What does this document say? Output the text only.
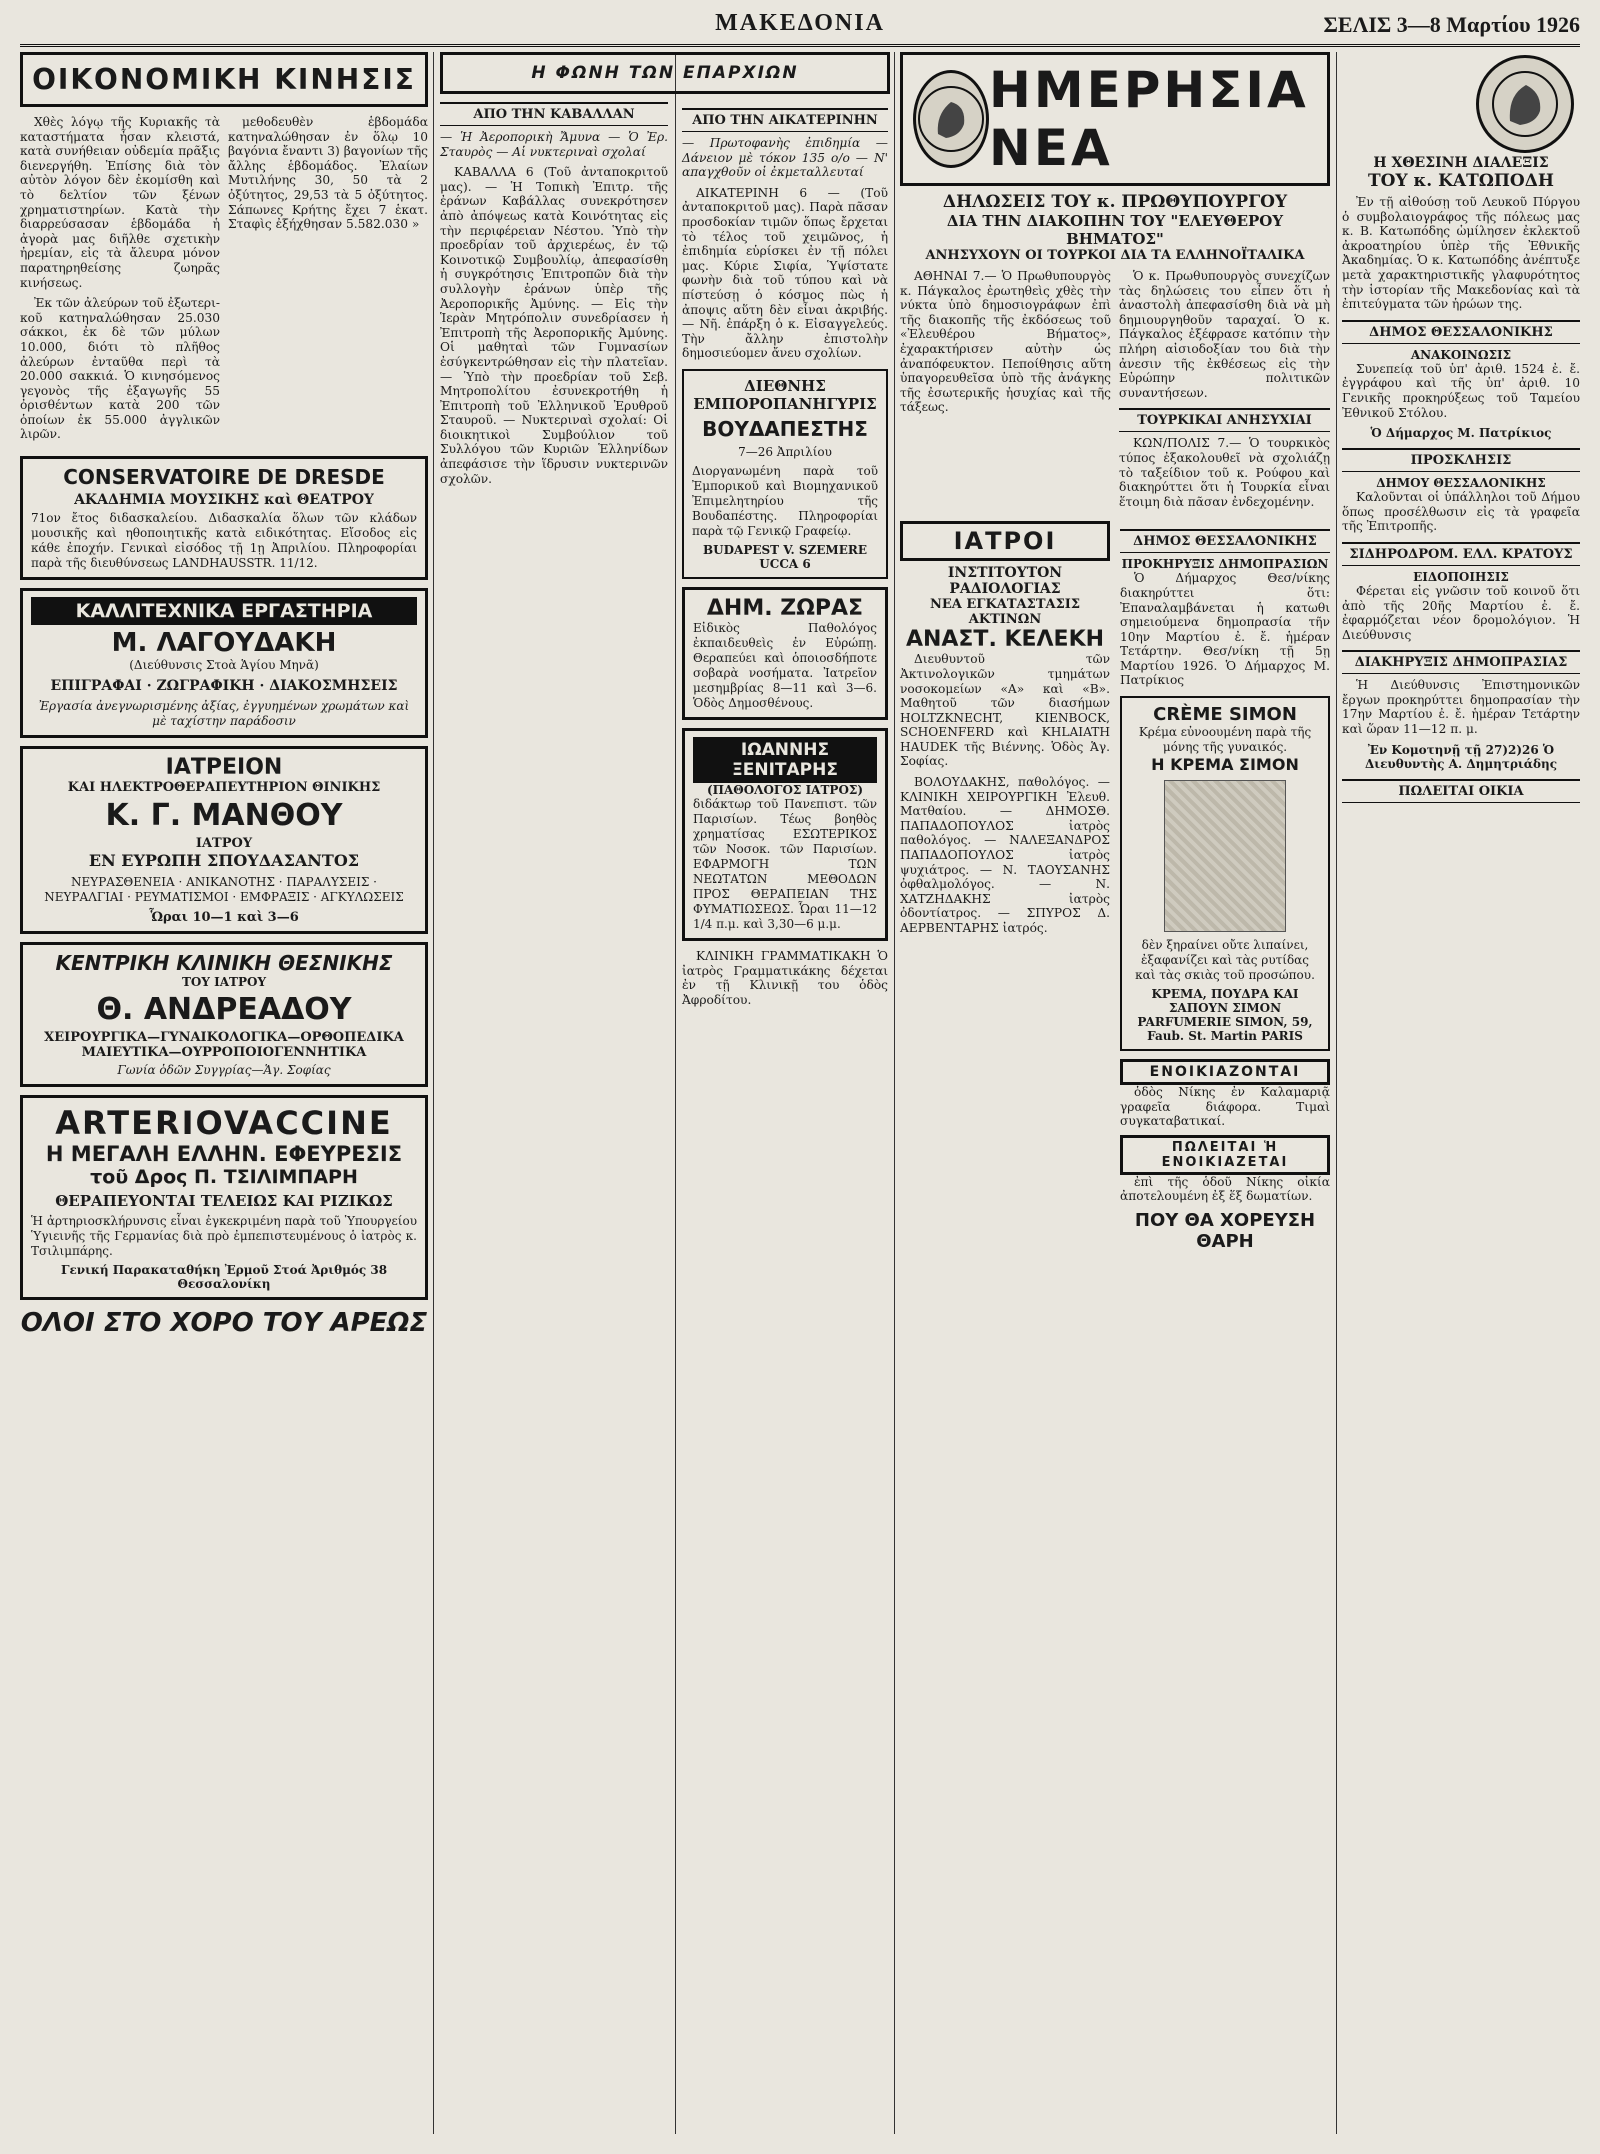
ΜΑΚΕΔΟΝΙΑ	ΣΕΛΙΣ 3—8 Μαρτίου 1926
ΟΙΚΟΝΟΜΙΚΗ ΚΙΝΗΣΙΣ

Χθὲς λόγῳ τῆς Κυριακῆς τὰ καταστήματα ἦσαν κλειστά, κατὰ συνήθειαν οὐδεμία πρᾶξις διενεργήθη. Ἐπίσης διὰ τὸν αὐτὸν λόγον δὲν ἐκομίσθη καὶ τὸ δελτίον τῶν ξένων χρηματιστηρίων. Κατὰ τὴν διαρρεύσασαν ἑβδομάδα ἡ ἀγορὰ μας διῆλθε σχετικὴν ἠρεμίαν, εἰς τὰ ἄλευρα μόνον παρατηρηθείσης ζωηρᾶς κινήσεως.

Ἐκ τῶν ἀλεύρων τοῦ ἐξωτερικοῦ κατηναλώθησαν 25.030 σάκκοι, ἐκ δὲ τῶν μύλων 10.000, διότι τὸ πλῆθος ἀλεύρων ἐνταῦθα περὶ τὰ 20.000 σακκιά. Ὁ κινησόμενος γεγονὸς τῆς ἐξαγωγῆς 55 ὀρισθέντων κατὰ 200 τῶν ὁποίων ἐκ 55.000 ἀγγλικῶν λιρῶν.

μεθοδευθὲν ἑβδομάδα κατηναλώθησαν ἐν ὅλῳ 10 βαγόνια ἔναντι 3) βαγονίων τῆς ἄλλης ἑβδομάδος. Ἐλαίων Μυτιλήνης 30, 50 τὰ 2 ὀξύτητος, 29,53 τὰ 5 ὀξύτητος. Σάπωνες Κρήτης ἔχει 7 ἑκατ. Σταφὶς ἐξήχθησαν 5.582.030 »

CONSERVATOIRE DE DRESDE
ΑΚΑΔΗΜΙΑ ΜΟΥΣΙΚΗΣ καὶ ΘΕΑΤΡΟΥ
71ον ἔτος διδασκαλείου. Διδασκαλία ὅλων τῶν κλάδων μουσικῆς καὶ ηθοποιητικῆς κατὰ ειδικότητας. Εἴσοδος εἰς κάθε ἐποχήν. Γενικαὶ εἰσόδος τῇ 1ῃ Ἀπριλίου. Πληροφορίαι παρὰ τῆς διευθύνσεως LANDHAUSSTR. 11/12.
ΚΑΛΛΙΤΕΧΝΙΚΑ ΕΡΓΑΣΤΗΡΙΑ
Μ. ΛΑΓΟΥΔΑΚΗ
(Διεύθυνσις Στοὰ Ἁγίου Μηνᾶ)
ΕΠΙΓΡΑΦΑΙ · ΖΩΓΡΑΦΙΚΗ · ΔΙΑΚΟΣΜΗΣΕΙΣ
Ἐργασία ἀνεγνωρισμένης ἀξίας, ἐγγυημένων χρωμάτων καὶ μὲ ταχίστην παράδοσιν
ΙΑΤΡΕΙΟΝ
ΚΑΙ ΗΛΕΚΤΡΟΘΕΡΑΠΕΥΤΗΡΙΟΝ ΘΙΝΙΚΗΣ
Κ. Γ. ΜΑΝΘΟΥ
ΙΑΤΡΟΥ
ΕΝ ΕΥΡΩΠΗ ΣΠΟΥΔΑΣΑΝΤΟΣ
ΝΕΥΡΑΣΘΕΝΕΙΑ · ΑΝΙΚΑΝΟΤΗΣ · ΠΑΡΑΛΥΣΕΙΣ · ΝΕΥΡΑΛΓΙΑΙ · ΡΕΥΜΑΤΙΣΜΟΙ · ΕΜΦΡΑΞΙΣ · ΑΓΚΥΛΩΣΕΙΣ
Ὧραι 10—1 καὶ 3—6
ΚΕΝΤΡΙΚΗ ΚΛΙΝΙΚΗ ΘΕΣΝΙΚΗΣ
ΤΟΥ ΙΑΤΡΟΥ
Θ. ΑΝΔΡΕΑΔΟΥ
ΧΕΙΡΟΥΡΓΙΚΑ—ΓΥΝΑΙΚΟΛΟΓΙΚΑ—ΟΡΘΟΠΕΔΙΚΑ ΜΑΙΕΥΤΙΚΑ—ΟΥΡΡΟΠΟΙΟΓΕΝΝΗΤΙΚΑ
Γωνία ὁδῶν Συγγρίας—Ἁγ. Σοφίας
ARTERIOVACCINE
Η ΜΕΓΑΛΗ ΕΛΛΗΝ. ΕΦΕΥΡΕΣΙΣ
τοῦ Δρος Π. ΤΣΙΛΙΜΠΑΡΗ
ΘΕΡΑΠΕΥΟΝΤΑΙ ΤΕΛΕΙΩΣ ΚΑΙ ΡΙΖΙΚΩΣ
Ἡ ἀρτηριοσκλήρυνσις εἶναι ἐγκεκριμένη παρὰ τοῦ Ὑπουργείου Ὑγιεινῆς τῆς Γερμανίας διὰ πρὸ ἐμπεπιστευμένους ὁ ἰατρὸς κ. Τσιλιμπάρης.
Γενική Παρακαταθήκη Ἐρμοῦ Στοά Ἀριθμός 38 Θεσσαλονίκη
ΟΛΟΙ ΣΤΟ ΧΟΡΟ ΤΟΥ ΑΡΕΩΣ
Η ΦΩΝΗ ΤΩΝ ΕΠΑΡΧΙΩΝ
ΑΠΟ ΤΗΝ ΚΑΒΑΛΛΑΝ
— Ἡ Ἀεροπορικὴ Ἄμυνα — Ὁ Ἐρ. Σταυρὸς — Αἱ νυκτεριναὶ σχολαί

ΚΑΒΑΛΛΑ 6 (Τοῦ ἀνταποκριτοῦ μας). — Ἡ Τοπικὴ Ἐπιτρ. τῆς ἐράνων Καβάλλας συνεκρότησεν ἀπὸ ἀπόψεως κατὰ Κοινότητας εἰς τὴν περιφέρειαν Νέστου. Ὑπὸ τὴν προεδρίαν τοῦ ἀρχιερέως, ἐν τῷ Κοινοτικῷ Συμβουλίῳ, ἀπεφασίσθη ἡ συγκρότησις Ἐπιτροπῶν διὰ τὴν συλλογὴν ἐράνων ὑπὲρ τῆς Ἀεροπορικῆς Ἀμύνης. — Εἰς τὴν Ἱερὰν Μητρόπολιν συνεδρίασεν ἡ Ἐπιτροπὴ τῆς Ἀεροπορικῆς Ἀμύνης. Οἱ μαθηταὶ τῶν Γυμνασίων ἐσύγκεντρώθησαν εἰς τὴν πλατεῖαν. — Ὑπὸ τὴν προεδρίαν τοῦ Σεβ. Μητροπολίτου ἐσυνεκροτήθη ἡ Ἐπιτροπὴ τοῦ Ἐλληνικοῦ Ἐρυθροῦ Σταυροῦ. — Νυκτεριναὶ σχολαί: Οἱ διοικητικοὶ Συμβούλιον τοῦ Συλλόγου τῶν Κυριῶν Ἑλληνίδων ἀπεφάσισε τὴν ἵδρυσιν νυκτερινῶν σχολῶν.

ΑΠΟ ΤΗΝ ΑΙΚΑΤΕΡΙΝΗΝ
— Πρωτοφανὴς ἐπιδημία — Δάνειον μὲ τόκον 135 ο/ο — Ν' απαγχθοῦν οἱ ἐκμεταλλευταί

ΑΙΚΑΤΕΡΙΝΗ 6 — (Τοῦ ἀνταποκριτοῦ μας). Παρὰ πᾶσαν προσδοκίαν τιμῶν ὅπως ἔρχεται τὸ τέλος τοῦ χειμῶνος, ἡ ἐπιδημία εὑρίσκει ἐν τῇ πόλει μας. Κύριε Σιφία, Ὑψίστατε φωνὴν διὰ τοῦ τύπου καὶ νὰ πίστεύσῃ ὁ κόσμος πὼς ἡ ἀποψις αὕτη δὲν εἶναι ἀκριβής. — Νῆ. ἐπάρξη ὁ κ. Εἰσαγγελεύς. Τὴν ἄλλην ἐπιστολὴν δημοσιεύομεν ἄνευ σχολίων.

ΔΙΕΘΝΗΣ ΕΜΠΟΡΟΠΑΝΗΓΥΡΙΣ
ΒΟΥΔΑΠΕΣΤΗΣ
7—26 Ἀπριλίου
Διοργανωμένη παρὰ τοῦ Ἐμπορικοῦ καὶ Βιομηχανικοῦ Ἐπιμελητηρίου τῆς Βουδαπέστης. Πληροφορίαι παρὰ τῷ Γενικῷ Γραφείῳ.
BUDAPEST V. SZEMERE UCCA 6
ΔΗΜ. ΖΩΡΑΣ
Εἰδικὸς Παθολόγος ἐκπαιδευθεὶς ἐν Εὐρώπῃ. Θεραπεύει καὶ ὁποιοσδήποτε σοβαρὰ νοσήματα. Ἰατρεῖον μεσημβρίας 8—11 καὶ 3—6. Ὁδὸς Δημοσθένους.
ΙΩΑΝΝΗΣ ΞΕΝΙΤΑΡΗΣ
(ΠΑΘΟΛΟΓΟΣ ΙΑΤΡΟΣ)
διδάκτωρ τοῦ Πανεπιστ. τῶν Παρισίων. Τέως βοηθὸς χρηματίσας ΕΣΩΤΕΡΙΚΟΣ τῶν Νοσοκ. τῶν Παρισίων. ΕΦΑΡΜΟΓΗ ΤΩΝ ΝΕΩΤΑΤΩΝ ΜΕΘΟΔΩΝ ΠΡΟΣ ΘΕΡΑΠΕΙΑΝ ΤΗΣ ΦΥΜΑΤΙΩΣΕΩΣ. Ὧραι 11—12 1/4 π.μ. καὶ 3,30—6 μ.μ.

ΚΛΙΝΙΚΗ ΓΡΑΜΜΑΤΙΚΑΚΗ Ὁ ἰατρὸς Γραμματικάκης δέχεται ἐν τῇ Κλινικῇ του ὁδὸς Ἀφροδίτου.

ΗΜΕΡΗΣΙΑ ΝΕΑ
ΔΗΛΩΣΕΙΣ ΤΟΥ κ. ΠΡΩΘΥΠΟΥΡΓΟΥ
ΔΙΑ ΤΗΝ ΔΙΑΚΟΠΗΝ ΤΟΥ "ΕΛΕΥΘΕΡΟΥ ΒΗΜΑΤΟΣ"
ΑΝΗΣΥΧΟΥΝ ΟΙ ΤΟΥΡΚΟΙ ΔΙΑ ΤΑ ΕΛΛΗΝΟΪΤΑΛΙΚΑ

ΑΘΗΝΑΙ 7.— Ὁ Πρωθυπουργὸς κ. Πάγκαλος ἐρωτηθεὶς χθὲς τὴν νύκτα ὑπὸ δημοσιογράφων ἐπὶ τῆς διακοπῆς τῆς ἐκδόσεως τοῦ «Ἐλευθέρου Βήματος», ἐχαρακτήρισεν αὐτὴν ὡς ἀναπόφευκτον. Πεποίθησις αὕτη ὑπαγορευθεῖσα ὑπὸ τῆς ἀνάγκης τῆς ἐσωτερικῆς ἡσυχίας καὶ τῆς τάξεως.

Ὁ κ. Πρωθυπουργὸς συνεχίζων τὰς δηλώσεις του εἶπεν ὅτι ἡ ἀναστολὴ ἀπεφασίσθη διὰ νὰ μὴ δημιουργηθοῦν ταραχαί. Ὁ κ. Πάγκαλος ἐξέφρασε κατόπιν τὴν πλήρη αἰσιοδοξίαν του διὰ τὴν ἀνεσιν τῆς ἐκθέσεως εἰς τὴν Εὐρώπην πολιτικῶν συναντήσεων.

ΤΟΥΡΚΙΚΑΙ ΑΝΗΣΥΧΙΑΙ

ΚΩΝ/ΠΟΛΙΣ 7.— Ὁ τουρκικὸς τύπος ἐξακολουθεῖ νὰ σχολιάζῃ τὸ ταξείδιον τοῦ κ. Ρούφου καὶ διακηρύττει ὅτι ἡ Τουρκία εἶναι ἕτοιμη διὰ πᾶσαν ἐνδεχομένην.

ΙΑΤΡΟΙ
ΙΝΣΤΙΤΟΥΤΟΝ ΡΑΔΙΟΛΟΓΙΑΣ
ΝΕΑ ΕΓΚΑΤΑΣΤΑΣΙΣ ΑΚΤΙΝΩΝ
ΑΝΑΣΤ. ΚΕΛΕΚΗ

Διευθυντοῦ τῶν Ἀκτινολογικῶν τμημάτων νοσοκομείων «Α» καὶ «Β». Μαθητοῦ τῶν διασήμων HOLTZKNECHT, KIENBOCK, SCHOENFERD καὶ KHLAIATH HAUDEK τῆς Βιέννης. Ὁδὸς Ἁγ. Σοφίας.

ΒΟΛΟΥΔΑΚΗΣ, παθολόγος. — ΚΛΙΝΙΚΗ ΧΕΙΡΟΥΡΓΙΚΗ Ἐλευθ. Ματθαίου. — ΔΗΜΟΣΘ. ΠΑΠΑΔΟΠΟΥΛΟΣ ἰατρὸς παθολόγος. — ΝΑΛΕΞΑΝΔΡΟΣ ΠΑΠΑΔΟΠΟΥΛΟΣ ἰατρὸς ψυχιάτρος. — Ν. ΤΑΟΥΣΑΝΗΣ ὀφθαλμολόγος. — Ν. ΧΑΤΖΗΔΑΚΗΣ ἰατρὸς ὀδοντίατρος. — ΣΠΥΡΟΣ Δ. ΑΕΡΒΕΝΤΑΡΗΣ ἰατρός.

ΔΗΜΟΣ ΘΕΣΣΑΛΟΝΙΚΗΣ
ΠΡΟΚΗΡΥΞΙΣ ΔΗΜΟΠΡΑΣΙΩΝ

Ὁ Δήμαρχος Θεσ/νίκης διακηρύττει ὅτι: Ἐπαναλαμβάνεται ἡ κατωθι σημειούμενα δημοπρασία τῆν 10ην Μαρτίου ἐ. ἔ. ἡμέραν Τετάρτην. Θεσ/νίκη τῇ 5ῃ Μαρτίου 1926. Ὁ Δήμαρχος Μ. Πατρίκιος

CRÈME SIMON
Κρέμα εὐνοουμένη παρὰ τῆς μόνης τῆς γυναικός.
Η ΚΡΕΜΑ ΣΙΜΟΝ
δὲν ξηραίνει οὔτε λιπαίνει, ἐξαφανίζει καὶ τὰς ρυτίδας καὶ τὰς σκιὰς τοῦ προσώπου.
ΚΡΕΜΑ, ΠΟΥΔΡΑ ΚΑΙ ΣΑΠΟΥΝ ΣΙΜΟΝ PARFUMERIE SIMON, 59, Faub. St. Martin PARIS
ΕΝΟΙΚΙΑΖΟΝΤΑΙ

ὁδὸς Νίκης ἐν Καλαμαριᾷ γραφεῖα διάφορα. Τιμαὶ συγκαταβατικαί.

ΠΩΛΕΙΤΑΙ Ἡ ΕΝΟΙΚΙΑΖΕΤΑΙ

ἐπὶ τῆς ὁδοῦ Νίκης οἰκία ἀποτελουμένη ἐξ ἕξ δωματίων.

ΠΟΥ ΘΑ ΧΟΡΕΥΣΗ ΘΑΡΗ
Η ΧΘΕΣΙΝΗ ΔΙΑΛΕΞΙΣ
ΤΟΥ κ. ΚΑΤΩΠΟΔΗ

Ἐν τῇ αἰθούσῃ τοῦ Λευκοῦ Πύργου ὁ συμβολαιογράφος τῆς πόλεως μας κ. Β. Κατωπόδης ὡμίλησεν ἐκλεκτοῦ ἀκροατηρίου ὑπὲρ τῆς Ἐθνικῆς Ἀκαδημίας. Ὁ κ. Κατωπόδης ἀνέπτυξε μετὰ χαρακτηριστικῆς γλαφυρότητος τὴν ἱστορίαν τῆς Μακεδονίας καὶ τὰ ἐπιτεύγματα τῶν ἡρώων της.

ΔΗΜΟΣ ΘΕΣΣΑΛΟΝΙΚΗΣ
ΑΝΑΚΟΙΝΩΣΙΣ

Συνεπείᾳ τοῦ ὑπ' ἀριθ. 1524 ἐ. ἔ. ἐγγράφου καὶ τῆς ὑπ' ἀριθ. 10 Γενικῆς προκηρύξεως τοῦ Ταμείου Ἐθνικοῦ Στόλου.

Ὁ Δήμαρχος Μ. Πατρίκιος
ΠΡΟΣΚΛΗΣΙΣ
ΔΗΜΟΥ ΘΕΣΣΑΛΟΝΙΚΗΣ

Καλοῦνται οἱ ὑπάλληλοι τοῦ Δήμου ὅπως προσέλθωσιν εἰς τὰ γραφεῖα τῆς Ἐπιτροπῆς.

ΣΙΔΗΡΟΔΡΟΜ. ΕΛΛ. ΚΡΑΤΟΥΣ
ΕΙΔΟΠΟΙΗΣΙΣ

Φέρεται εἰς γνῶσιν τοῦ κοινοῦ ὅτι ἀπὸ τῆς 20ῆς Μαρτίου ἐ. ἔ. ἐφαρμόζεται νέον δρομολόγιον. Ἡ Διεύθυνσις

ΔΙΑΚΗΡΥΞΙΣ ΔΗΜΟΠΡΑΣΙΑΣ

Ἡ Διεύθυνσις Ἐπιστημονικῶν ἔργων προκηρύττει δημοπρασίαν τὴν 17ην Μαρτίου ἐ. ἔ. ἡμέραν Τετάρτην καὶ ὥραν 11—12 π. μ.

Ἐν Κομοτηνῇ τῇ 27)2)26 Ὁ Διευθυντὴς Α. Δημητριάδης
ΠΩΛΕΙΤΑΙ ΟΙΚΙΑ
